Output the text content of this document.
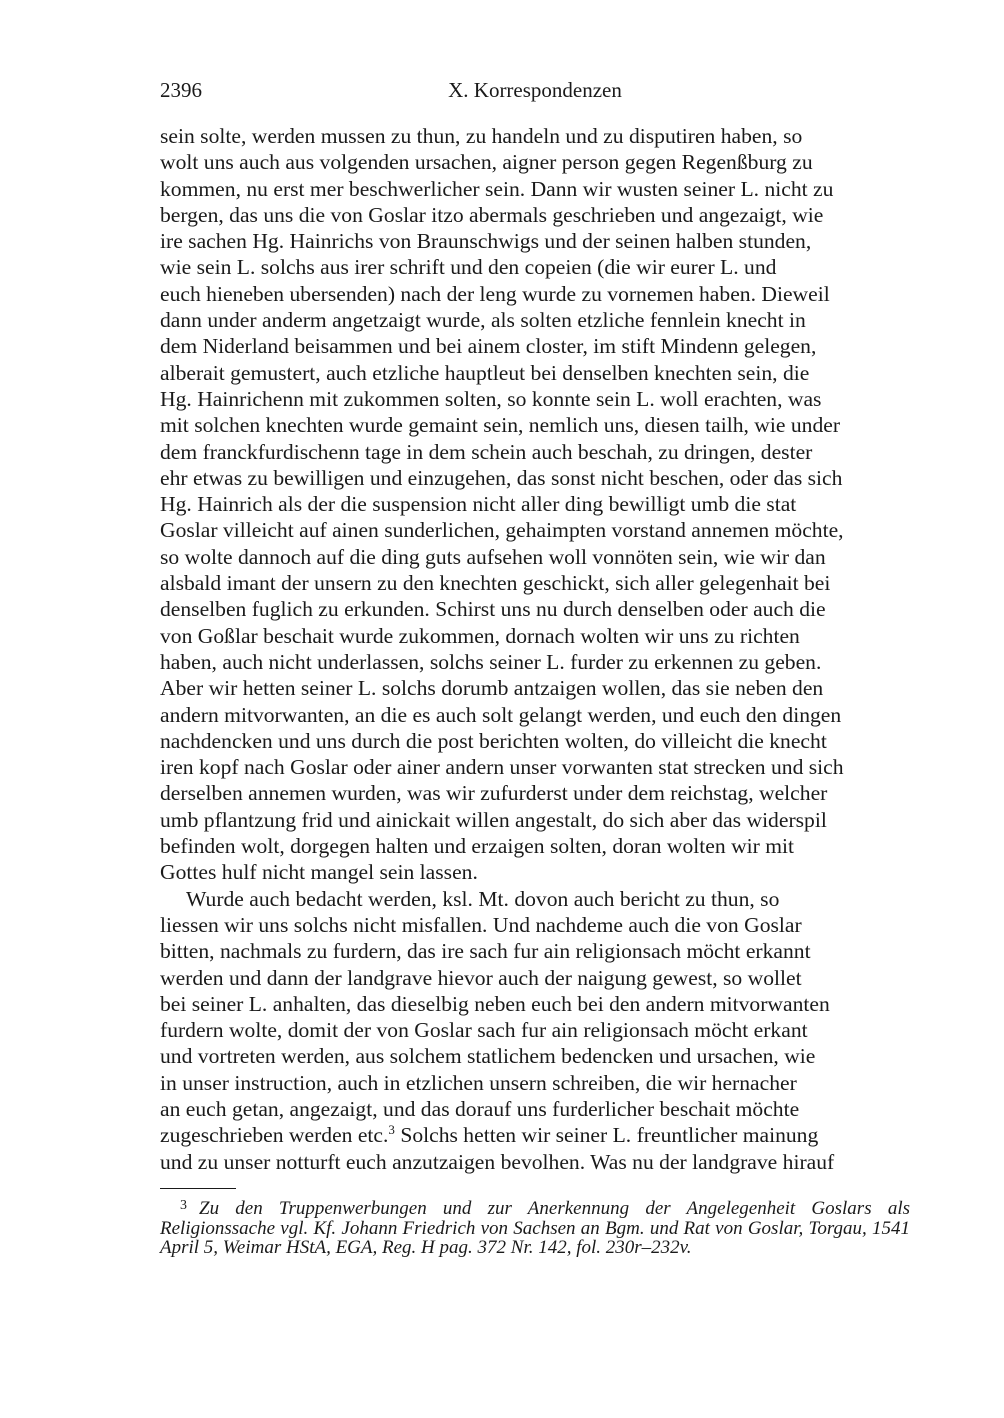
2396	X. Korrespondenzen

sein solte, werden mussen zu thun, zu handeln und zu disputiren haben, so
wolt uns auch aus volgenden ursachen, aigner person gegen Regenßburg zu
kommen, nu erst mer beschwerlicher sein. Dann wir wusten seiner L. nicht zu
bergen, das uns die von Goslar itzo abermals geschrieben und angezaigt, wie
ire sachen Hg. Hainrichs von Braunschwigs und der seinen halben stunden,
wie sein L. solchs aus irer schrift und den copeien (die wir eurer L. und
euch hieneben ubersenden) nach der leng wurde zu vornemen haben. Dieweil
dann under anderm angetzaigt wurde, als solten etzliche fennlein knecht in
dem Niderland beisammen und bei ainem closter, im stift Mindenn gelegen,
alberait gemustert, auch etzliche hauptleut bei denselben knechten sein, die
Hg. Hainrichenn mit zukommen solten, so konnte sein L. woll erachten, was
mit solchen knechten wurde gemaint sein, nemlich uns, diesen tailh, wie under
dem franckfurdischenn tage in dem schein auch beschah, zu dringen, dester
ehr etwas zu bewilligen und einzugehen, das sonst nicht beschen, oder das sich
Hg. Hainrich als der die suspension nicht aller ding bewilligt umb die stat
Goslar villeicht auf ainen sunderlichen, gehaimpten vorstand annemen möchte,
so wolte dannoch auf die ding guts aufsehen woll vonnöten sein, wie wir dan
alsbald imant der unsern zu den knechten geschickt, sich aller gelegenhait bei
denselben fuglich zu erkunden. Schirst uns nu durch denselben oder auch die
von Goßlar beschait wurde zukommen, dornach wolten wir uns zu richten
haben, auch nicht underlassen, solchs seiner L. furder zu erkennen zu geben.
Aber wir hetten seiner L. solchs dorumb antzaigen wollen, das sie neben den
andern mitvorwanten, an die es auch solt gelangt werden, und euch den dingen
nachdencken und uns durch die post berichten wolten, do villeicht die knecht
iren kopf nach Goslar oder ainer andern unser vorwanten stat strecken und sich
derselben annemen wurden, was wir zufurderst under dem reichstag, welcher
umb pflantzung frid und ainickait willen angestalt, do sich aber das widerspil
befinden wolt, dorgegen halten und erzaigen solten, doran wolten wir mit
Gottes hulf nicht mangel sein lassen.

Wurde auch bedacht werden, ksl. Mt. dovon auch bericht zu thun, so
liessen wir uns solchs nicht misfallen. Und nachdeme auch die von Goslar
bitten, nachmals zu furdern, das ire sach fur ain religionsach möcht erkannt
werden und dann der landgrave hievor auch der naigung gewest, so wollet
bei seiner L. anhalten, das dieselbig neben euch bei den andern mitvorwanten
furdern wolte, domit der von Goslar sach fur ain religionsach möcht erkant
und vortreten werden, aus solchem statlichem bedencken und ursachen, wie
in unser instruction, auch in etzlichen unsern schreiben, die wir hernacher
an euch getan, angezaigt, und das dorauf uns furderlicher beschait möchte
zugeschrieben werden etc.$^3$ Solchs hetten wir seiner L. freuntlicher mainung
und zu unser notturft euch anzutzaigen bevolhen. Was nu der landgrave hirauf

$^3$ Zu den Truppenwerbungen und zur Anerkennung der Angelegenheit Goslars als Religionssache vgl. Kf. Johann Friedrich von Sachsen an Bgm. und Rat von Goslar, Torgau, 1541 April 5, Weimar HStA, EGA, Reg. H pag. 372 Nr. 142, fol. 230r–232v.
